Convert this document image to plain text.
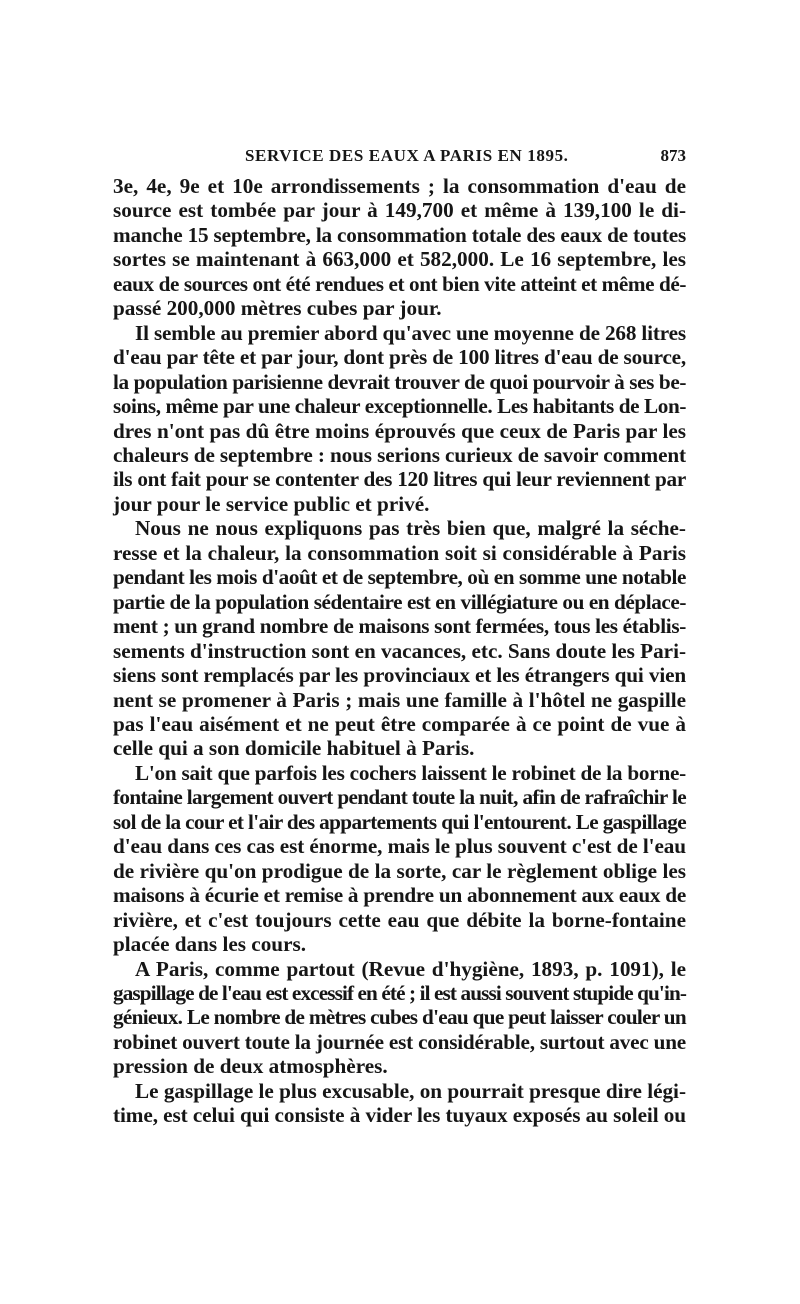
SERVICE DES EAUX A PARIS EN 1895.	873
3e, 4e, 9e et 10e arrondissements ; la consommation d'eau de
source est tombée par jour à 149,700 et même à 139,100 le di-
manche 15 septembre, la consommation totale des eaux de toutes
sortes se maintenant à 663,000 et 582,000. Le 16 septembre, les
eaux de sources ont été rendues et ont bien vite atteint et même dé-
passé 200,000 mètres cubes par jour.
Il semble au premier abord qu'avec une moyenne de 268 litres
d'eau par tête et par jour, dont près de 100 litres d'eau de source,
la population parisienne devrait trouver de quoi pourvoir à ses be-
soins, même par une chaleur exceptionnelle. Les habitants de Lon-
dres n'ont pas dû être moins éprouvés que ceux de Paris par les
chaleurs de septembre : nous serions curieux de savoir comment
ils ont fait pour se contenter des 120 litres qui leur reviennent par
jour pour le service public et privé.
Nous ne nous expliquons pas très bien que, malgré la séche-
resse et la chaleur, la consommation soit si considérable à Paris
pendant les mois d'août et de septembre, où en somme une notable
partie de la population sédentaire est en villégiature ou en déplace-
ment ; un grand nombre de maisons sont fermées, tous les établis-
sements d'instruction sont en vacances, etc. Sans doute les Pari-
siens sont remplacés par les provinciaux et les étrangers qui vien
nent se promener à Paris ; mais une famille à l'hôtel ne gaspille
pas l'eau aisément et ne peut être comparée à ce point de vue à
celle qui a son domicile habituel à Paris.
L'on sait que parfois les cochers laissent le robinet de la borne-
fontaine largement ouvert pendant toute la nuit, afin de rafraîchir le
sol de la cour et l'air des appartements qui l'entourent. Le gaspillage
d'eau dans ces cas est énorme, mais le plus souvent c'est de l'eau
de rivière qu'on prodigue de la sorte, car le règlement oblige les
maisons à écurie et remise à prendre un abonnement aux eaux de
rivière, et c'est toujours cette eau que débite la borne-fontaine
placée dans les cours.
A Paris, comme partout (Revue d'hygiène, 1893, p. 1091), le
gaspillage de l'eau est excessif en été ; il est aussi souvent stupide qu'in-
génieux. Le nombre de mètres cubes d'eau que peut laisser couler un
robinet ouvert toute la journée est considérable, surtout avec une
pression de deux atmosphères.
Le gaspillage le plus excusable, on pourrait presque dire légi-
time, est celui qui consiste à vider les tuyaux exposés au soleil ou
